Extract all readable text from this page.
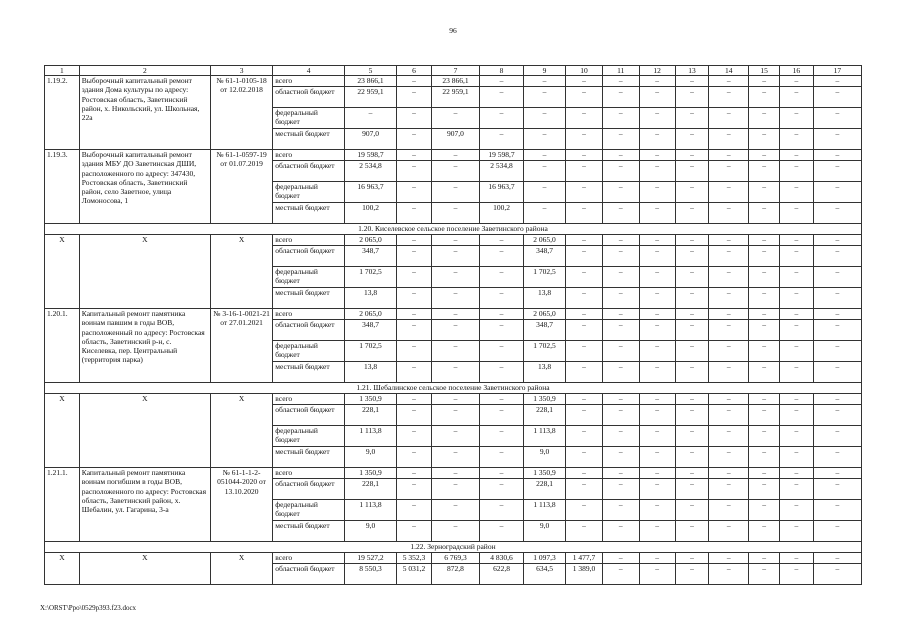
96
1	2	3	4	5	6	7	8	9	10	11	12	13	14	15	16	17
1.19.2.	Выборочный капитальный ремонт здания Дома культуры по адресу: Ростовская область, Заветинский район, х. Никольский, ул. Школьная, 22а	№ 61-1-0105-18 от 12.02.2018	всего	23 866,1	–	23 866,1	–	–	–	–	–	–	–	–	–	–
			областной бюджет	22 959,1	–	22 959,1	–	–	–	–	–	–	–	–	–	–
			федеральный бюджет	–	–	–	–	–	–	–	–	–	–	–	–	–
			местный бюджет	907,0	–	907,0	–	–	–	–	–	–	–	–	–	–
1.19.3.	Выборочный капитальный ремонт здания МБУ ДО Заветинская ДШИ, расположенного по адресу: 347430, Ростовская область, Заветинский район, село Заветное, улица Ломоносова, 1	№ 61-1-0597-19 от 01.07.2019	всего	19 598,7	–	–	19 598,7	–	–	–	–	–	–	–	–	–
			областной бюджет	2 534,8	–	–	2 534,8	–	–	–	–	–	–	–	–	–
			федеральный бюджет	16 963,7	–	–	16 963,7	–	–	–	–	–	–	–	–	–
			местный бюджет	100,2	–	–	100,2	–	–	–	–	–	–	–	–	–
1.20. Киселевское сельское поселение Заветинского района																
Х	Х	Х	всего	2 065,0	–	–	–	2 065,0	–	–	–	–	–	–	–	–
			областной бюджет	348,7	–	–	–	348,7	–	–	–	–	–	–	–	–
			федеральный бюджет	1 702,5	–	–	–	1 702,5	–	–	–	–	–	–	–	–
			местный бюджет	13,8	–	–	–	13,8	–	–	–	–	–	–	–	–
1.20.1.	Капитальный ремонт памятника воинам павшим в годы ВОВ, расположенный по адресу: Ростовская область, Заветинский р-н, с. Киселевка, пер. Центральный (территория парка)	№ 3-16-1-0021-21 от 27.01.2021	всего	2 065,0	–	–	–	2 065,0	–	–	–	–	–	–	–	–
			областной бюджет	348,7	–	–	–	348,7	–	–	–	–	–	–	–	–
			федеральный бюджет	1 702,5	–	–	–	1 702,5	–	–	–	–	–	–	–	–
			местный бюджет	13,8	–	–	–	13,8	–	–	–	–	–	–	–	–
1.21. Шебалинское сельское поселение Заветинского района																
Х	Х	Х	всего	1 350,9	–	–	–	1 350,9	–	–	–	–	–	–	–	–
			областной бюджет	228,1	–	–	–	228,1	–	–	–	–	–	–	–	–
			федеральный бюджет	1 113,8	–	–	–	1 113,8	–	–	–	–	–	–	–	–
			местный бюджет	9,0	–	–	–	9,0	–	–	–	–	–	–	–	–
1.21.1.	Капитальный ремонт памятника воинам погибшим в годы ВОВ, расположенного по адресу: Ростовская область, Заветинский район, х. Шебалин, ул. Гагарина, 3-а	№ 61-1-1-2-051044-2020 от 13.10.2020	всего	1 350,9	–	–	–	1 350,9	–	–	–	–	–	–	–	–
			областной бюджет	228,1	–	–	–	228,1	–	–	–	–	–	–	–	–
			федеральный бюджет	1 113,8	–	–	–	1 113,8	–	–	–	–	–	–	–	–
			местный бюджет	9,0	–	–	–	9,0	–	–	–	–	–	–	–	–
1.22. Зерноградский район																
Х	Х	Х	всего	19 527,2	5 352,3	6 769,3	4 830,6	1 097,3	1 477,7	–	–	–	–	–	–	–
			областной бюджет	8 550,3	5 031,2	872,8	622,8	634,5	1 389,0	–	–	–	–	–	–	–
X:\ORST\Ppo\0529p393.f23.docx
